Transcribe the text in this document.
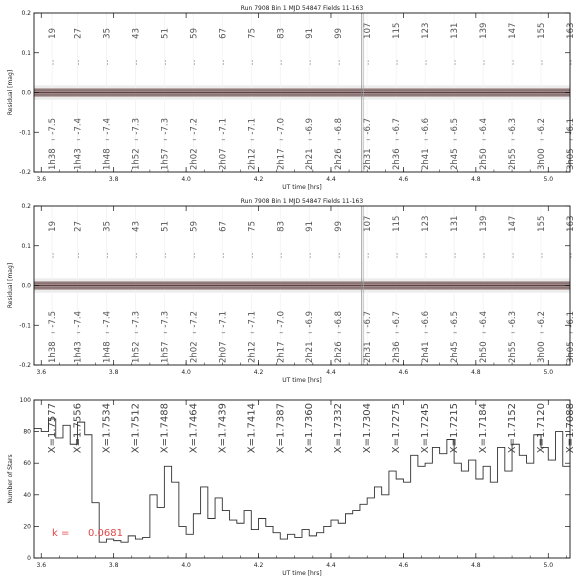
Run 7908 Bin 1 MJD 54847 Fields 11-163
19
:
-7.5
–
1h38
27
:
-7.4
–
1h43
35
:
-7.4
–
1h48
43
:
-7.3
–
1h52
51
:
-7.3
–
1h57
59
:
-7.2
–
2h02
67
:
-7.1
–
2h07
75
:
-7.1
–
2h12
83
:
-7.0
–
2h17
91
:
-6.9
–
2h21
99
:
-6.8
–
2h26
107
:
-6.7
–
2h31
115
:
-6.7
–
2h36
123
:
-6.6
–
2h41
131
:
-6.5
–
2h45
139
:
-6.4
–
2h50
147
:
-6.3
–
2h55
155
:
-6.2
–
3h00
163
:
-6.1
–
3h05
3.6	3.8	4.0	4.2	4.4	4.6	4.8	5.0
-0.2
-0.1
0.0
0.1
0.2
UT time [hrs]
Residual [mag]
Run 7908 Bin 1 MJD 54847 Fields 11-163
19
:
-7.5
–
1h38
27
:
-7.4
–
1h43
35
:
-7.4
–
1h48
43
:
-7.3
–
1h52
51
:
-7.3
–
1h57
59
:
-7.2
–
2h02
67
:
-7.1
–
2h07
75
:
-7.1
–
2h12
83
:
-7.0
–
2h17
91
:
-6.9
–
2h21
99
:
-6.8
–
2h26
107
:
-6.7
–
2h31
115
:
-6.7
–
2h36
123
:
-6.6
–
2h41
131
:
-6.5
–
2h45
139
:
-6.4
–
2h50
147
:
-6.3
–
2h55
155
:
-6.2
–
3h00
163
:
-6.1
–
3h05
3.6	3.8	4.0	4.2	4.4	4.6	4.8	5.0
-0.2
-0.1
0.0
0.1
0.2
UT time [hrs]
Residual [mag]
X=1.7577 X=1.7556 X=1.7534 X=1.7512 X=1.7488 X=1.7464 X=1.7439 X=1.7414 X=1.7387 X=1.7360 X=1.7332 X=1.7304 X=1.7275 X=1.7245 X=1.7215 X=1.7184 X=1.7152 X=1.7120 X=1.7088
k = 0.0681
3.6	3.8	4.0	4.2	4.4	4.6	4.8	5.0
0
20
40
60
80
100
UT time [hrs]
Number of Stars
